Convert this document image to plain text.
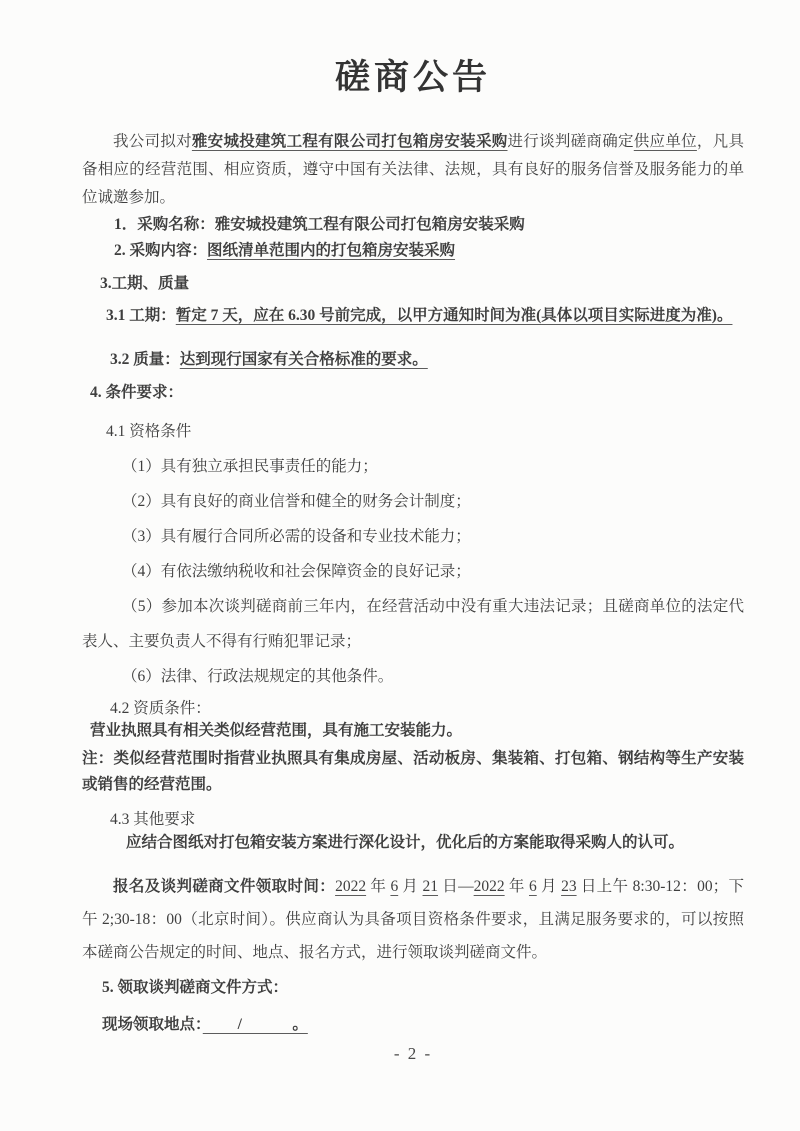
磋商公告

我公司拟对雅安城投建筑工程有限公司打包箱房安装采购进行谈判磋商确定供应单位，凡具备相应的经营范围、相应资质，遵守中国有关法律、法规，具有良好的服务信誉及服务能力的单位诚邀参加。

1．采购名称：雅安城投建筑工程有限公司打包箱房安装采购
2. 采购内容：图纸清单范围内的打包箱房安装采购
3.工期、质量

3.1 工期：暂定 7 天，应在 6.30 号前完成，以甲方通知时间为准(具体以项目实际进度为准)。

3.2 质量：达到现行国家有关合格标准的要求。
4. 条件要求：
4.1 资格条件
（1）具有独立承担民事责任的能力；
（2）具有良好的商业信誉和健全的财务会计制度；
（3）具有履行合同所必需的设备和专业技术能力；
（4）有依法缴纳税收和社会保障资金的良好记录；
（5）参加本次谈判磋商前三年内，在经营活动中没有重大违法记录；且磋商单位的法定代表人、主要负责人不得有行贿犯罪记录；
（6）法律、行政法规规定的其他条件。
4.2 资质条件：
营业执照具有相关类似经营范围，具有施工安装能力。
注：类似经营范围时指营业执照具有集成房屋、活动板房、集装箱、打包箱、钢结构等生产安装或销售的经营范围。
4.3 其他要求
应结合图纸对打包箱安装方案进行深化设计，优化后的方案能取得采购人的认可。

报名及谈判磋商文件领取时间：2022 年 6 月 21 日—2022 年 6 月 23 日上午 8:30-12：00；下午 2;30-18：00（北京时间）。供应商认为具备项目资格条件要求，且满足服务要求的，可以按照本磋商公告规定的时间、地点、报名方式，进行领取谈判磋商文件。

5. 领取谈判磋商文件方式：
现场领取地点：　　 / 　　　。
- 2 -
